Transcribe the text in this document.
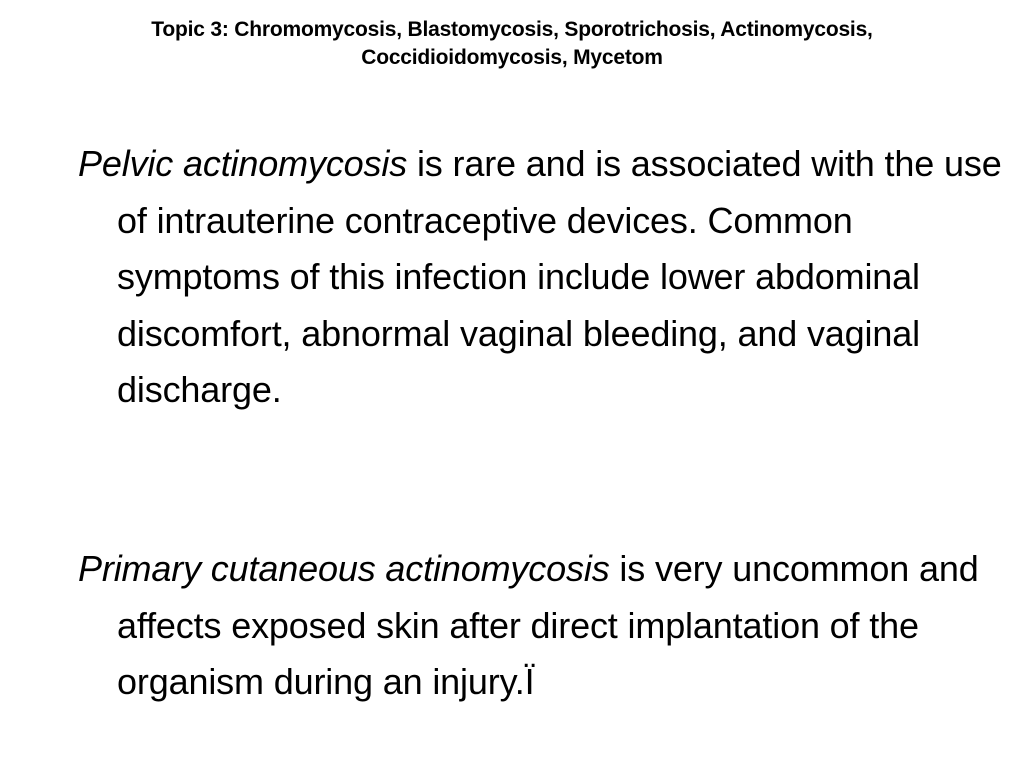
Topic 3: Chromomycosis, Blastomycosis, Sporotrichosis, Actinomycosis,
Coccidioidomycosis, Mycetom
Pelvic actinomycosis is rare and is associated with the use of intrauterine contraceptive devices. Common symptoms of this infection include lower abdominal discomfort, abnormal vaginal bleeding, and vaginal discharge.
Primary cutaneous actinomycosis is very uncommon and affects exposed skin after direct implantation of the organism during an injury.Ï
